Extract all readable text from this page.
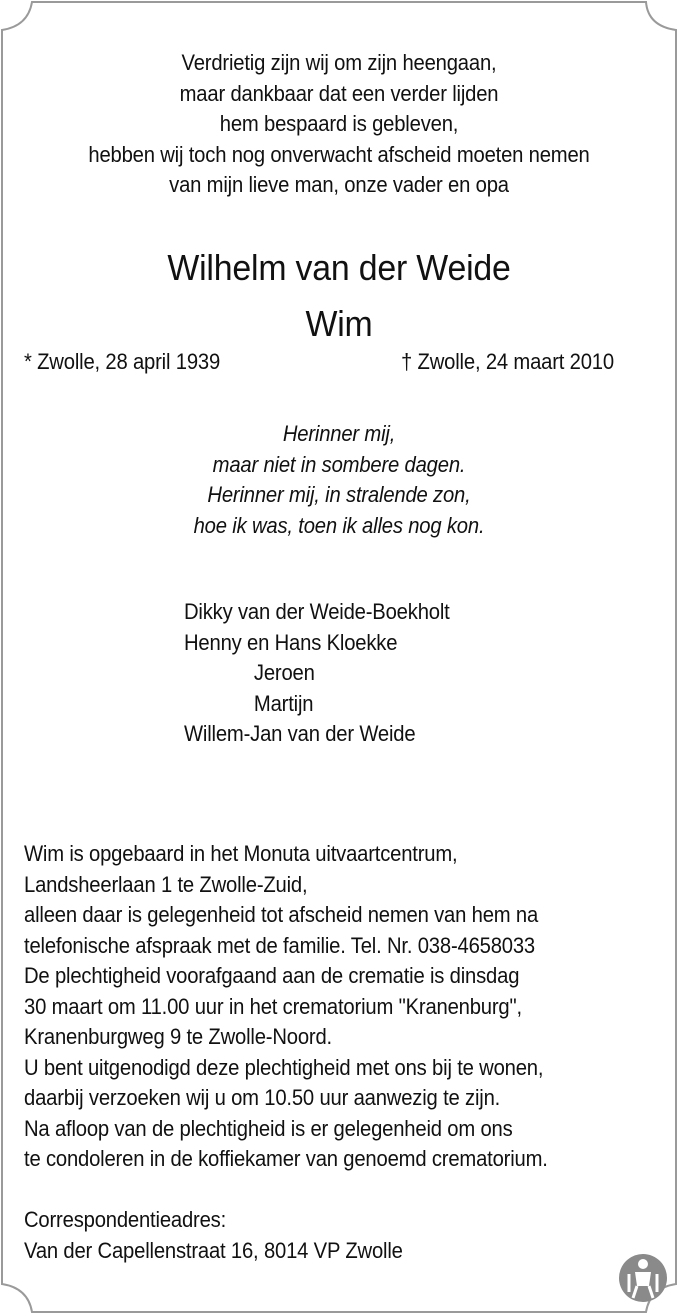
Verdrietig zijn wij om zijn heengaan,
maar dankbaar dat een verder lijden
hem bespaard is gebleven,
hebben wij toch nog onverwacht afscheid moeten nemen
van mijn lieve man, onze vader en opa
Wilhelm van der Weide
Wim
* Zwolle, 28 april 1939	† Zwolle, 24 maart 2010
Herinner mij,
maar niet in sombere dagen.
Herinner mij, in stralende zon,
hoe ik was, toen ik alles nog kon.
Dikky van der Weide-Boekholt
Henny en Hans Kloekke
Jeroen
Martijn
Willem-Jan van der Weide
Wim is opgebaard in het Monuta uitvaartcentrum,
Landsheerlaan 1 te Zwolle-Zuid,
alleen daar is gelegenheid tot afscheid nemen van hem na
telefonische afspraak met de familie. Tel. Nr. 038-4658033
De plechtigheid voorafgaand aan de crematie is dinsdag
30 maart om 11.00 uur in het crematorium "Kranenburg",
Kranenburgweg 9 te Zwolle-Noord.
U bent uitgenodigd deze plechtigheid met ons bij te wonen,
daarbij verzoeken wij u om 10.50 uur aanwezig te zijn.
Na afloop van de plechtigheid is er gelegenheid om ons
te condoleren in de koffiekamer van genoemd crematorium.
Correspondentieadres:
Van der Capellenstraat 16, 8014 VP Zwolle
